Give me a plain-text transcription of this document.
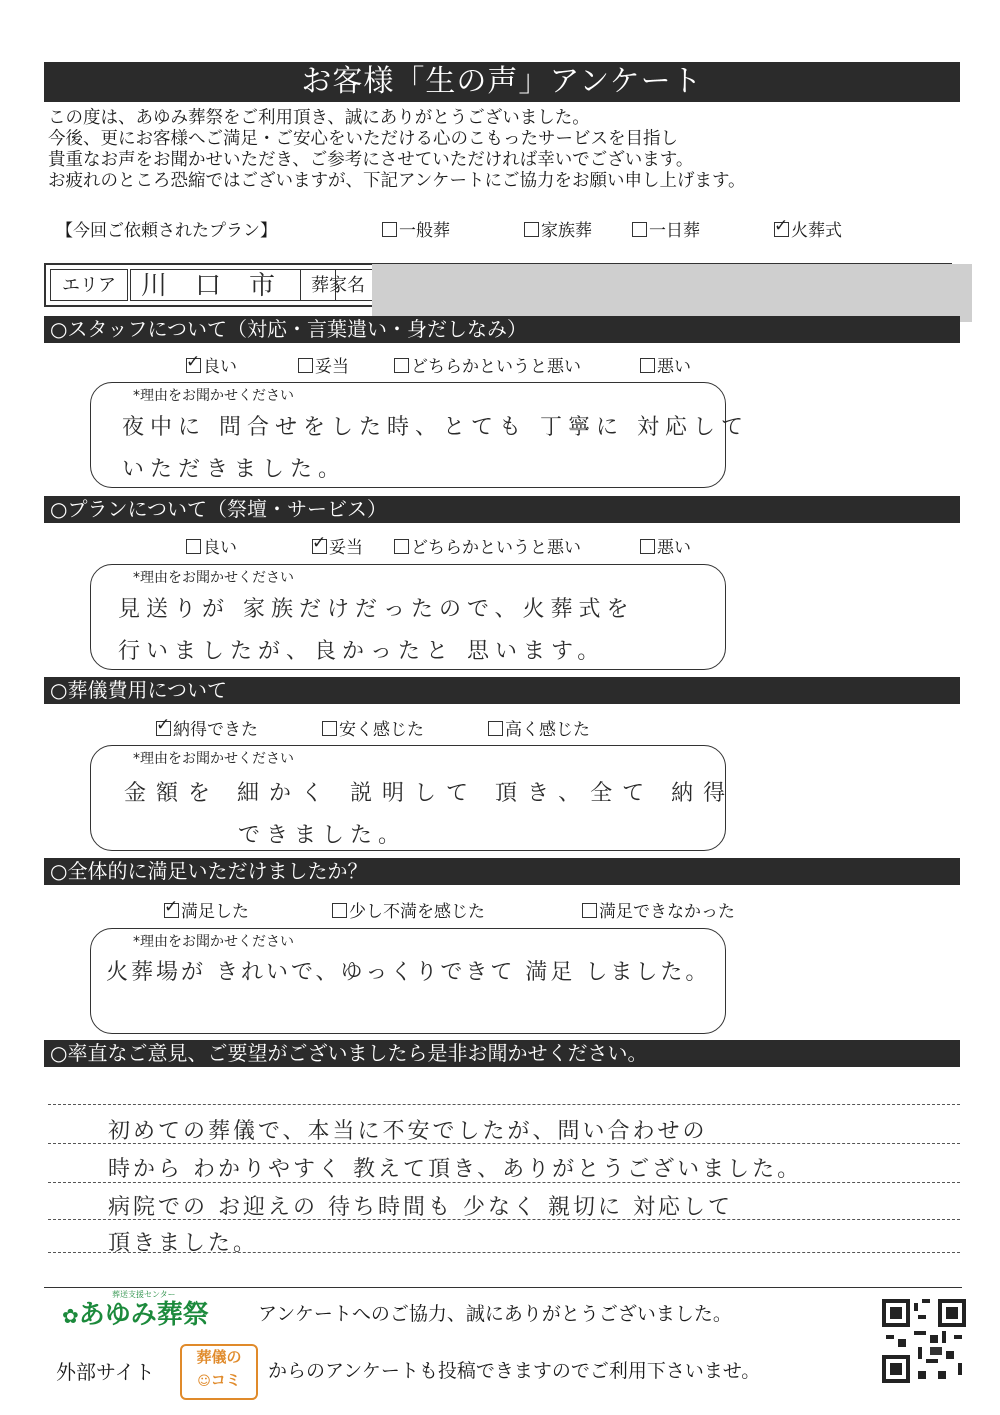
お客様「生の声」アンケート
この度は、あゆみ葬祭をご利用頂き、誠にありがとうございました。
今後、更にお客様へご満足・ご安心をいただける心のこもったサービスを目指し
貴重なお声をお聞かせいただき、ご参考にさせていただければ幸いでございます。
お疲れのところ恐縮ではございますが、下記アンケートにご協力をお願い申し上げます。
【今回ご依頼されたプラン】	一般葬	家族葬	一日葬 ✓	火葬式
エリア 川口市 葬家名
○スタッフについて（対応・言葉遣い・身だしなみ）
✓良い	妥当	どちらかというと悪い	悪い
*理由をお聞かせください
夜中に 問合せをした時、とても 丁寧に 対応して
いただきました。
○プランについて（祭壇・サービス）
良い ✓	妥当	どちらかというと悪い	悪い
*理由をお聞かせください
見送りが 家族だけだったので、火葬式を
行いましたが、良かったと 思います。
○葬儀費用について
✓納得できた	安く感じた	高く感じた
*理由をお聞かせください
金額を 細かく 説明して 頂き、全て 納得
できました。
○全体的に満足いただけましたか？
✓満足した	少し不満を感じた	満足できなかった
*理由をお聞かせください
火葬場が きれいで、ゆっくりできて 満足 しました。
○率直なご意見、ご要望がございましたら是非お聞かせください。
初めての葬儀で、本当に不安でしたが、問い合わせの
時から わかりやすく 教えて頂き、ありがとうございました。
病院での お迎えの 待ち時間も 少なく 親切に 対応して
頂きました。
葬送支援センター
✿あゆみ葬祭	アンケートへのご協力、誠にありがとうございました。
外部サイト
葬儀の
☺コミ	からのアンケートも投稿できますのでご利用下さいませ。
